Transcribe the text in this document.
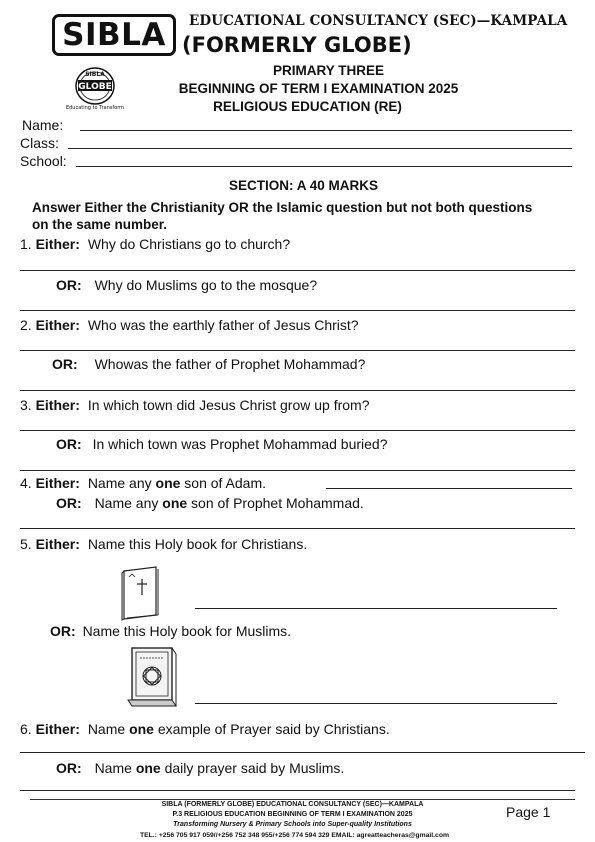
SIBLA	EDUCATIONAL CONSULTANCY (SEC)—KAMPALA
(FORMERLY GLOBE)
GLOBE
SIBLA
Educating to Transform
PRIMARY THREE
BEGINNING OF TERM I EXAMINATION 2025
RELIGIOUS EDUCATION (RE)
Name:
Class:
School:
SECTION: A 40 MARKS
Answer Either the Christianity OR the Islamic question but not both questions on the same number.
1. Either: Why do Christians go to church?
OR: Why do Muslims go to the mosque?
2. Either: Who was the earthly father of Jesus Christ?
OR: Whowas the father of Prophet Mohammad?
3. Either: In which town did Jesus Christ grow up from?
OR: In which town was Prophet Mohammad buried?
4. Either: Name any one son of Adam.
OR: Name any one son of Prophet Mohammad.
5. Either: Name this Holy book for Christians.
OR: Name this Holy book for Muslims.
6. Either: Name one example of Prayer said by Christians.
OR: Name one daily prayer said by Muslims.
SIBLA (FORMERLY GLOBE) EDUCATIONAL CONSULTANCY (SEC)—KAMPALA
P.3 RELIGIOUS EDUCATION BEGINNING OF TERM I EXAMINATION 2025
Transforming Nursery & Primary Schools into Super-quality Institutions
TEL.: +256 705 917 059//+256 752 348 955/+256 774 594 329 EMAIL: agreatteacheras@gmail.com
Page 1
